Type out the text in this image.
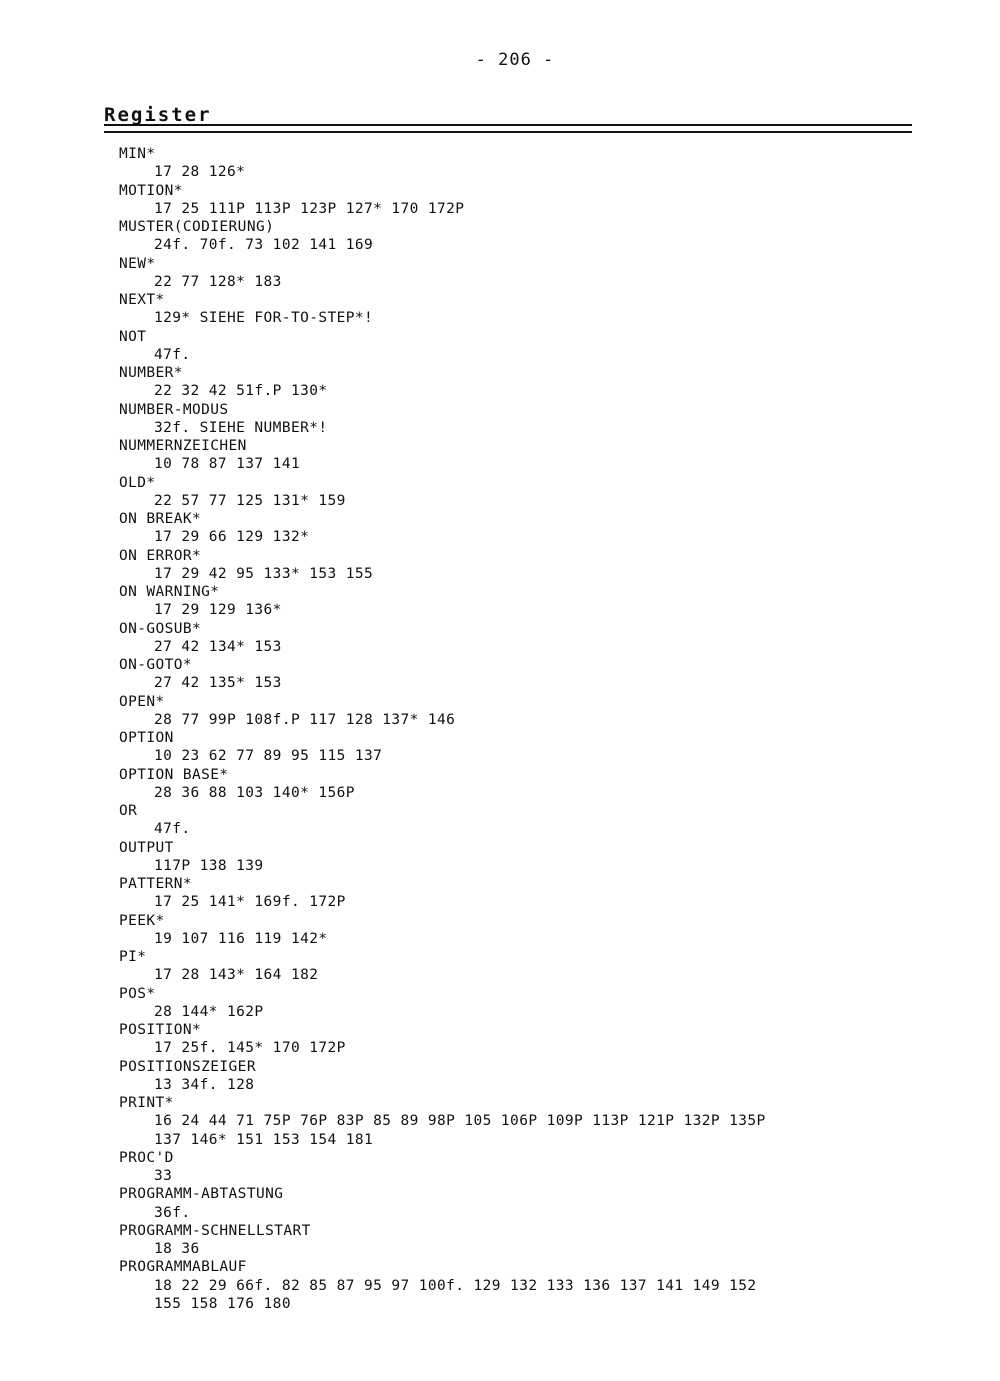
- 206 -
Register
MIN*
17 28 126*
MOTION*
17 25 111P 113P 123P 127* 170 172P
MUSTER(CODIERUNG)
24f. 70f. 73 102 141 169
NEW*
22 77 128* 183
NEXT*
129* SIEHE FOR-TO-STEP*!
NOT
47f.
NUMBER*
22 32 42 51f.P 130*
NUMBER-MODUS
32f. SIEHE NUMBER*!
NUMMERNZEICHEN
10 78 87 137 141
OLD*
22 57 77 125 131* 159
ON BREAK*
17 29 66 129 132*
ON ERROR*
17 29 42 95 133* 153 155
ON WARNING*
17 29 129 136*
ON-GOSUB*
27 42 134* 153
ON-GOTO*
27 42 135* 153
OPEN*
28 77 99P 108f.P 117 128 137* 146
OPTION
10 23 62 77 89 95 115 137
OPTION BASE*
28 36 88 103 140* 156P
OR
47f.
OUTPUT
117P 138 139
PATTERN*
17 25 141* 169f. 172P
PEEK*
19 107 116 119 142*
PI*
17 28 143* 164 182
POS*
28 144* 162P
POSITION*
17 25f. 145* 170 172P
POSITIONSZEIGER
13 34f. 128
PRINT*
16 24 44 71 75P 76P 83P 85 89 98P 105 106P 109P 113P 121P 132P 135P
137 146* 151 153 154 181
PROC'D
33
PROGRAMM-ABTASTUNG
36f.
PROGRAMM-SCHNELLSTART
18 36
PROGRAMMABLAUF
18 22 29 66f. 82 85 87 95 97 100f. 129 132 133 136 137 141 149 152
155 158 176 180
